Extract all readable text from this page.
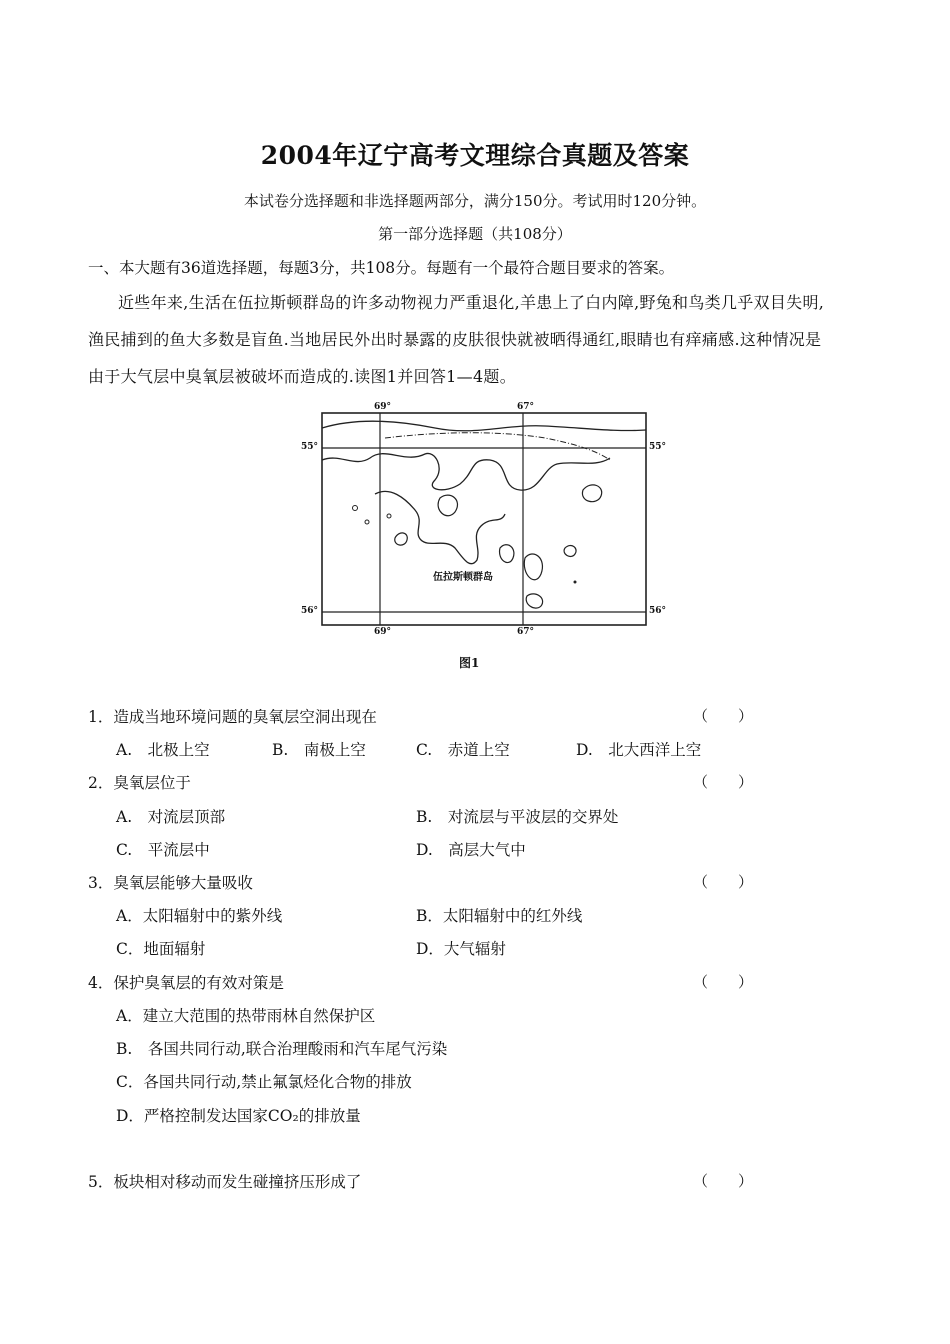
2004年辽宁高考文理综合真题及答案
本试卷分选择题和非选择题两部分，满分150分。考试用时120分钟。
第一部分选择题（共108分）
一、本大题有36道选择题，每题3分，共108分。每题有一个最符合题目要求的答案。
近些年来,生活在伍拉斯顿群岛的许多动物视力严重退化,羊患上了白内障,野兔和鸟类几乎双目失明,
渔民捕到的鱼大多数是盲鱼.当地居民外出时暴露的皮肤很快就被晒得通红,眼睛也有痒痛感.这种情况是
由于大气层中臭氧层被破坏而造成的.读图1并回答1—4题。
69°	67°
69°	67°
55°	55°
56°	56°
伍拉斯顿群岛
图1
1．造成当地环境问题的臭氧层空洞出现在	（　　）
A.　北极上空	B.　南极上空	C.　赤道上空	D.　北大西洋上空
2．臭氧层位于	（　　）
A.　对流层顶部	B.　对流层与平波层的交界处
C.　平流层中	D.　高层大气中
3．臭氧层能够大量吸收	（　　）
A．太阳辐射中的紫外线	B．太阳辐射中的红外线
C．地面辐射	D．大气辐射
4．保护臭氧层的有效对策是	（　　）
A．建立大范围的热带雨林自然保护区
B.　各国共同行动,联合治理酸雨和汽车尾气污染
C．各国共同行动,禁止氟氯烃化合物的排放
D．严格控制发达国家CO₂的排放量
5．板块相对移动而发生碰撞挤压形成了	（　　）
